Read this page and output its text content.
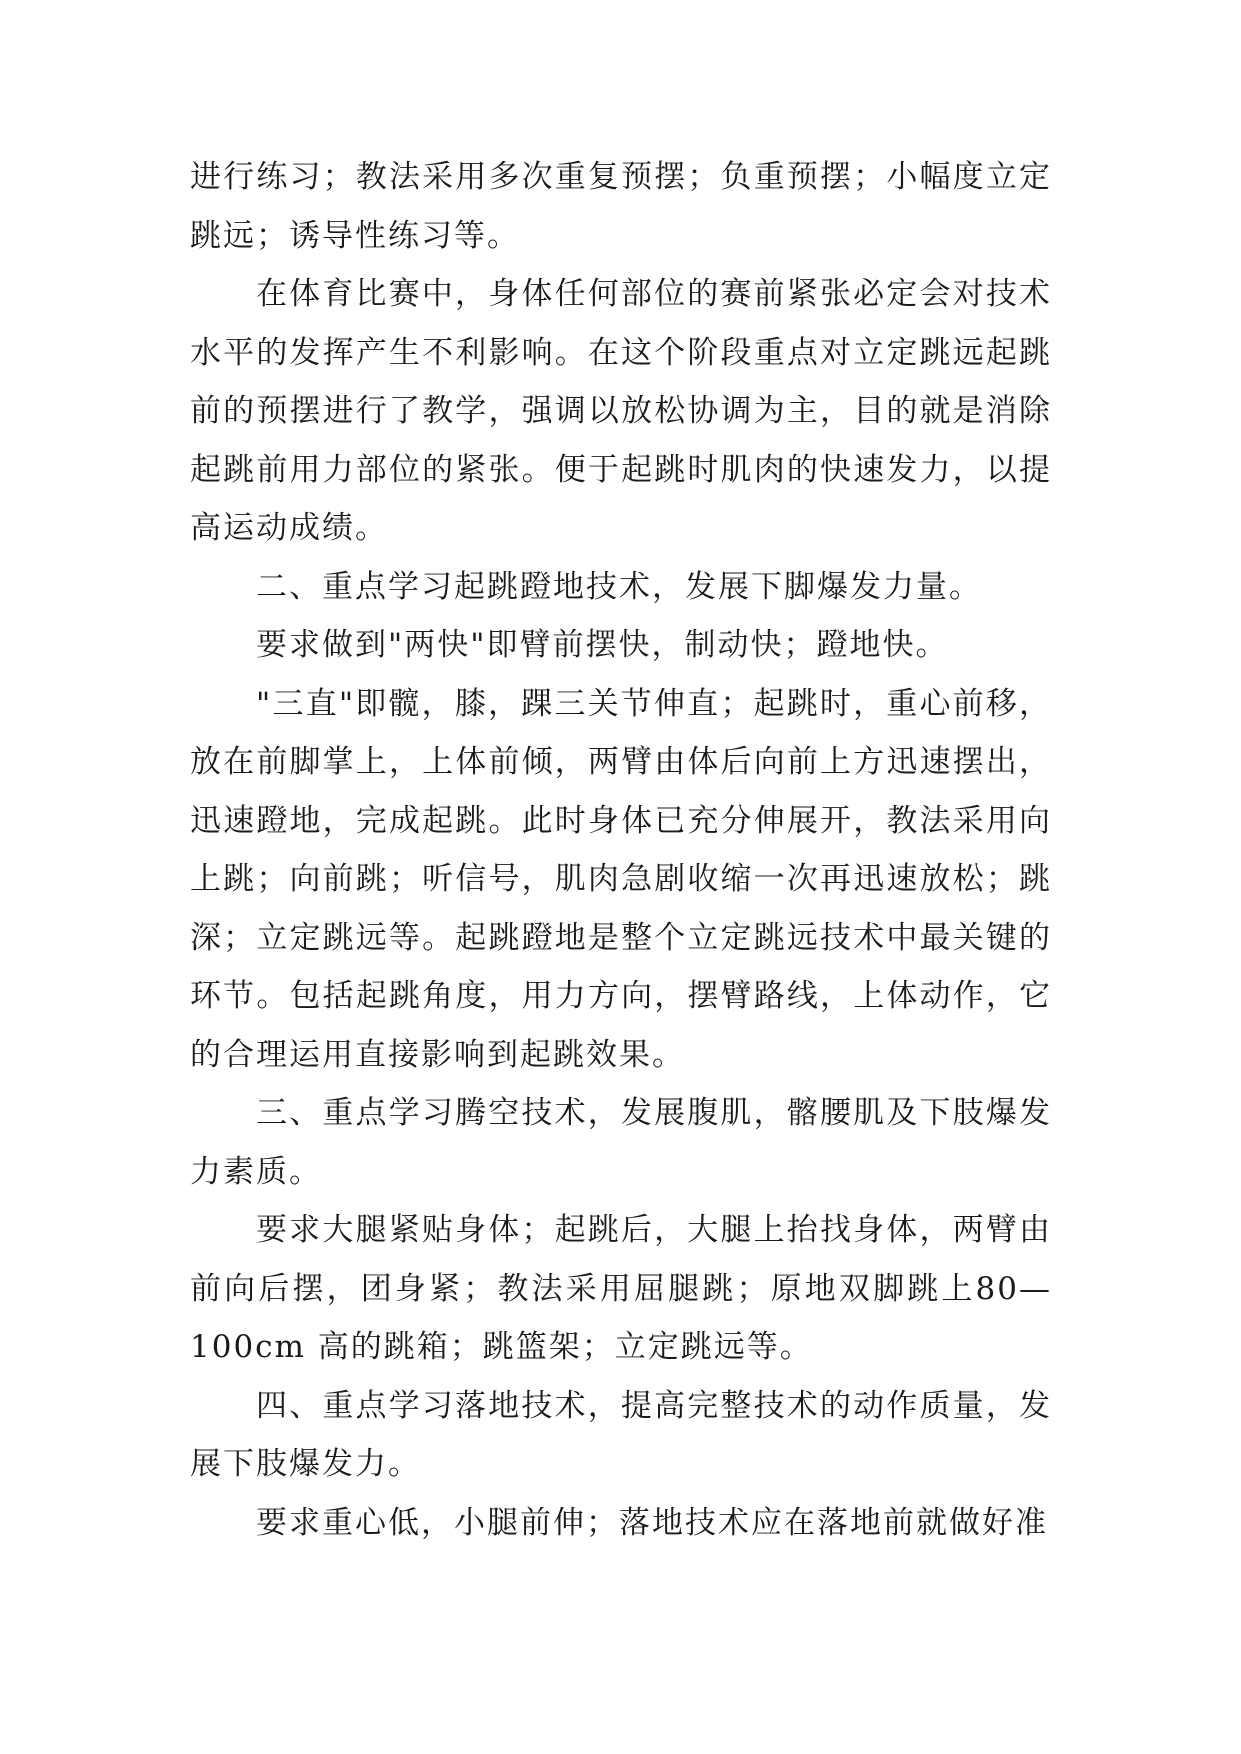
进行练习；教法采用多次重复预摆；负重预摆；小幅度立定跳远；诱导性练习等。

在体育比赛中，身体任何部位的赛前紧张必定会对技术水平的发挥产生不利影响。在这个阶段重点对立定跳远起跳前的预摆进行了教学，强调以放松协调为主，目的就是消除起跳前用力部位的紧张。便于起跳时肌肉的快速发力，以提高运动成绩。

二、重点学习起跳蹬地技术，发展下脚爆发力量。

要求做到"两快"即臂前摆快，制动快；蹬地快。

"三直"即髋，膝，踝三关节伸直；起跳时，重心前移，放在前脚掌上，上体前倾，两臂由体后向前上方迅速摆出，迅速蹬地，完成起跳。此时身体已充分伸展开，教法采用向上跳；向前跳；听信号，肌肉急剧收缩一次再迅速放松；跳深；立定跳远等。起跳蹬地是整个立定跳远技术中最关键的环节。包括起跳角度，用力方向，摆臂路线，上体动作，它的合理运用直接影响到起跳效果。

三、重点学习腾空技术，发展腹肌，髂腰肌及下肢爆发力素质。

要求大腿紧贴身体；起跳后，大腿上抬找身体，两臂由前向后摆，团身紧；教法采用屈腿跳；原地双脚跳上80—100cm 高的跳箱；跳篮架；立定跳远等。

四、重点学习落地技术，提高完整技术的动作质量，发展下肢爆发力。

要求重心低，小腿前伸；落地技术应在落地前就做好准
